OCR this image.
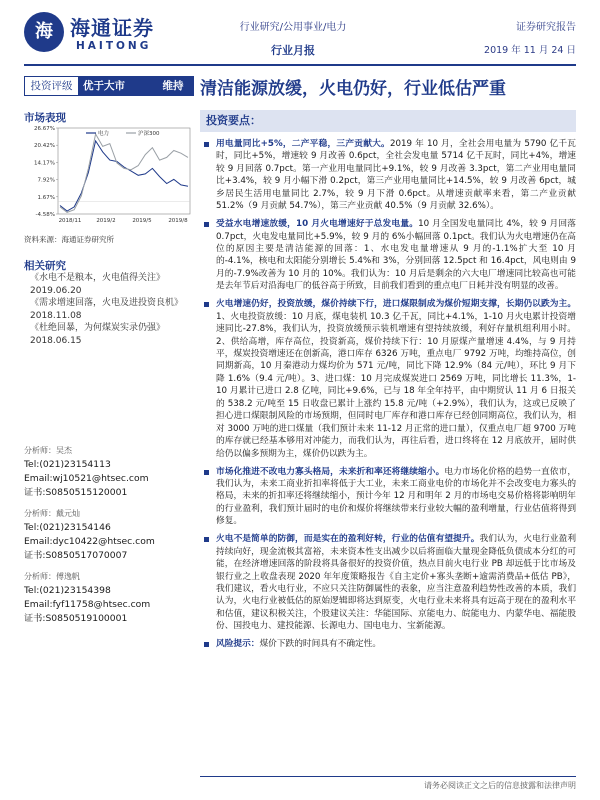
海 海通证券
HAITONG
行业研究/公用事业/电力
行业月报
证券研究报告
2019 年 11 月 24 日
投资评级	优于大市	维持
市场表现
26.67%
20.42%
14.17%
7.92%
1.67%
-4.58%
2018/11	2019/2	2019/5	2019/8
电力	沪深300
资料来源：海通证券研究所
相关研究
《水电不是粮本，火电值得关注》
2019.06.20
《需求增速回落，火电及进投资良机》
2018.11.08
《杜绝回暴，为何煤炭实录仍强》
2018.06.15
分析师：吴杰
Tel:(021)23154113
Email:wj10521@htsec.com
证书:S0850515120001
分析师：戴元灿
Tel:(021)23154146
Email:dyc10422@htsec.com
证书:S0850517070007
分析师：傅逸帆
Tel:(021)23154398
Email:fyf11758@htsec.com
证书:S0850519100001
清洁能源放缓，火电仍好，行业低估严重
投资要点：
用电量同比+5%，二产平稳，三产贡献大。2019 年 10 月，全社会用电量为 5790 亿千瓦时，同比+5%，增速较 9 月改善 0.6pct，全社会发电量 5714 亿千瓦时，同比+4%，增速较 9 月回落 0.7pct。第一产业用电量同比+9.1%，较 9 月改善 3.3pct，第二产业用电量同比+3.4%，较 9 月小幅下滑 0.2pct，第三产业用电量同比+14.5%，较 9 月改善 6pct，城乡居民生活用电量同比 2.7%，较 9 月下滑 0.6pct。从增速贡献率来看，第二产业贡献 51.2%（9 月贡献 54.7%），第三产业贡献 40.5%（9 月贡献 32.6%）。
受益水电增速放缓，10 月火电增速好于总发电量。10 月全国发电量同比 4%，较 9 月回落 0.7pct，火电发电量同比+5.9%，较 9 月的 6%小幅回落 0.1pct。我们认为火电增速仍在高位的原因主要是清洁能源的回落：1、水电发电量增速从 9 月的-1.1%扩大至 10 月的-4.1%，核电和太阳能分别增长 5.4%和 3%，分别回落 12.5pct 和 16.4pct，风电则由 9 月的-7.9%改善为 10 月的 10%。我们认为：10 月后是剩余的六大电厂增速同比较高也可能是去年节后对沿海电厂的低谷高于所致，目前我们看到的重点电厂日耗并没有明显的改善。
火电增速仍好，投资放缓，煤价持续下行，进口煤限制成为煤价短期支撑，长期仍以跌为主。1、火电投资放缓：10 月底，煤电装机 10.3 亿千瓦，同比+4.1%，1-10 月火电累计投资增速同比-27.8%，我们认为，投资放缓预示装机增速有望持续放缓，利好存量机组利用小时。2、供给高增，库存高位，投资新高，煤价持续下行：10 月原煤产量增速 4.4%，与 9 月持平，煤炭投资增速还在创新高，港口库存 6326 万吨，重点电厂 9792 万吨，均维持高位，创同期新高，10 月秦港动力煤均价为 571 元/吨，同比下降 12.9%（84 元/吨），环比 9 月下降 1.6%（9.4 元/吨）。3、进口煤：10 月完成煤炭进口 2569 万吨，同比增长 11.3%，1-10 月累计已进口 2.8 亿吨，同比+9.6%，已与 18 年全年持平，由中期贸认 11 月 6 日报关的 538.2 元/吨至 15 日收盘已累计上涨约 15.8 元/吨（+2.9%），我们认为，这或已反映了担心进口煤限制风险的市场预期，但同时电厂库存和港口库存已经创同期高位，我们认为，相对 3000 万吨的进口煤量（我们预计未来 11-12 月正常的进口量），仅重点电厂超 9700 万吨的库存就已经基本够用对冲能力，而我们认为，再往后看，进口终将在 12 月底放开，届时供给仍以偏多预期为主，煤价仍以跌为主。
市场化推进不改电力寡头格局，未来折和率还将继续缩小。电力市场化价格的趋势一直依市，我们认为，未来工商业折扣率将低于大工业，未来工商业电价的市场化并不会改变电力寡头的格局，未来的折扣率还将继续缩小，预计今年 12 月和明年 2 月的市场电交易价格将影响明年的行业盈利，我们预计届时的电价和煤价将继续带来行业较大幅的盈利增量，行业估值将得到修复。
火电不是简单的防御，而是实在的盈利好转，行业的估值有望提升。我们认为，火电行业盈利持续向好，现金流极其富裕，未来资本性支出减少以后将面临大量现金降低负债成本分红的可能，在经济增速回落的阶段将具备很好的投资价值，热点目前火电行业 PB 却远低于比市场及银行业之上收盘表现 2020 年年度策略报告《自主定价+寡头垄断+逾需消费品+低估 PB》，我们建议，看火电行业，不应只关注防御属性的表象，应当注意盈利趋势性改善的本质，我们认为，火电行业被低估的原始逻辑即将达到原变，火电行业未来将具有远高于现在的盈利水平和估值，建议积极关注，个股建议关注：华能国际、京能电力、皖能电力、内蒙华电、福能股份、国投电力、建投能源、长源电力、国电电力、宝新能源。
风险提示：煤价下跌的时间具有不确定性。
请务必阅读正文之后的信息披露和法律声明
